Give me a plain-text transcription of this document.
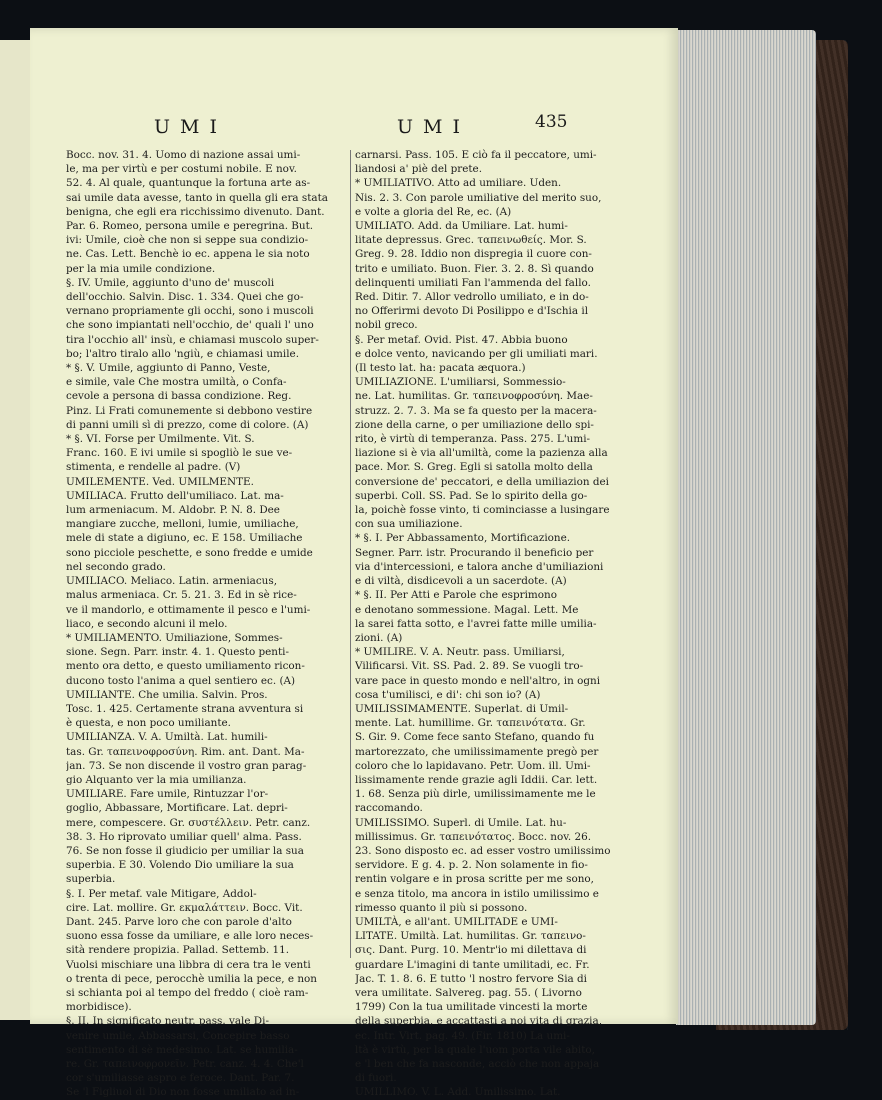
U M I	U M I	435

Bocc. nov. 31. 4. Uomo di nazione assai umi-

le, ma per virtù e per costumi nobile. E nov.

52. 4. Al quale, quantunque la fortuna arte as-

sai umile data avesse, tanto in quella gli era stata

benigna, che egli era ricchissimo divenuto. Dant.

Par. 6. Romeo, persona umile e peregrina. But.

ivi: Umile, cioè che non si seppe sua condizio-

ne. Cas. Lett. Benchè io ec. appena le sia noto

per la mia umile condizione.

§. IV. Umile, aggiunto d'uno de' muscoli

dell'occhio. Salvin. Disc. 1. 334. Quei che go-

vernano propriamente gli occhi, sono i muscoli

che sono impiantati nell'occhio, de' quali l' uno

tira l'occhio all' insù, e chiamasi muscolo super-

bo; l'altro tiralo allo 'ngiù, e chiamasi umile.

* §. V. Umile, aggiunto di Panno, Veste,

e simile, vale Che mostra umiltà, o Confa-

cevole a persona di bassa condizione. Reg.

Pinz. Li Frati comunemente si debbono vestire

di panni umili sì di prezzo, come di colore. (A)

* §. VI. Forse per Umilmente. Vit. S.

Franc. 160. E ivi umile si spogliò le sue ve-

stimenta, e rendelle al padre. (V)

UMILEMENTE. Ved. UMILMENTE.

UMILIACA. Frutto dell'umiliaco. Lat. ma-

lum armeniacum. M. Aldobr. P. N. 8. Dee

mangiare zucche, melloni, lumie, umiliache,

mele di state a digiuno, ec. E 158. Umiliache

sono picciole peschette, e sono fredde e umide

nel secondo grado.

UMILIACO. Meliaco. Latin. armeniacus,

malus armeniaca. Cr. 5. 21. 3. Ed in sè rice-

ve il mandorlo, e ottimamente il pesco e l'umi-

liaco, e secondo alcuni il melo.

* UMILIAMENTO. Umiliazione, Sommes-

sione. Segn. Parr. instr. 4. 1. Questo penti-

mento ora detto, e questo umiliamento ricon-

ducono tosto l'anima a quel sentiero ec. (A)

UMILIANTE. Che umilia. Salvin. Pros.

Tosc. 1. 425. Certamente strana avventura si

è questa, e non poco umiliante.

UMILIANZA. V. A. Umiltà. Lat. humili-

tas. Gr. ταπεινοφροσύνη. Rim. ant. Dant. Ma-

jan. 73. Se non discende il vostro gran parag-

gio Alquanto ver la mia umilianza.

UMILIARE. Fare umile, Rintuzzar l'or-

goglio, Abbassare, Mortificare. Lat. depri-

mere, compescere. Gr. συστέλλειν. Petr. canz.

38. 3. Ho riprovato umiliar quell' alma. Pass.

76. Se non fosse il giudicio per umiliar la sua

superbia. E 30. Volendo Dio umiliare la sua

superbia.

§. I. Per metaf. vale Mitigare, Addol-

cire. Lat. mollire. Gr. εκμαλάττειν. Bocc. Vit.

Dant. 245. Parve loro che con parole d'alto

suono essa fosse da umiliare, e alle loro neces-

sità rendere propizia. Pallad. Settemb. 11.

Vuolsi mischiare una libbra di cera tra le venti

o trenta di pece, perocchè umilia la pece, e non

si schianta poi al tempo del freddo ( cioè ram-

morbidisce).

§. II. In significato neutr. pass. vale Di-

venire umile, Abbassarsi, Concepire basso

sentimento di sè medesimo. Lat. se humilia-

re. Gr. ταπεινοφρονεῖν. Petr. canz. 4. 4. Che'l

cor s'umiliasse aspro e feroce. Dant. Par. 7.

Se 'l Figliuol di Dio non fosse umiliato ad in-

carnarsi. Pass. 105. E ciò fa il peccatore, umi-

liandosi a' piè del prete.

* UMILIATIVO. Atto ad umiliare. Uden.

Nis. 2. 3. Con parole umiliative del merito suo,

e volte a gloria del Re, ec. (A)

UMILIATO. Add. da Umiliare. Lat. humi-

litate depressus. Grec. ταπεινωθείς. Mor. S.

Greg. 9. 28. Iddio non dispregia il cuore con-

trito e umiliato. Buon. Fier. 3. 2. 8. Sì quando

delinquenti umiliati Fan l'ammenda del fallo.

Red. Ditir. 7. Allor vedrollo umiliato, e in do-

no Offerirmi devoto Di Posilippo e d'Ischia il

nobil greco.

§. Per metaf. Ovid. Pist. 47. Abbia buono

e dolce vento, navicando per gli umiliati mari.

(Il testo lat. ha: pacata æquora.)

UMILIAZIONE. L'umiliarsi, Sommessio-

ne. Lat. humilitas. Gr. ταπεινοφροσύνη. Mae-

struzz. 2. 7. 3. Ma se fa questo per la macera-

zione della carne, o per umiliazione dello spi-

rito, è virtù di temperanza. Pass. 275. L'umi-

liazione si è via all'umiltà, come la pazienza alla

pace. Mor. S. Greg. Egli si satolla molto della

conversione de' peccatori, e della umiliazion dei

superbi. Coll. SS. Pad. Se lo spirito della go-

la, poichè fosse vinto, ti cominciasse a lusingare

con sua umiliazione.

* §. I. Per Abbassamento, Mortificazione.

Segner. Parr. istr. Procurando il beneficio per

via d'intercessioni, e talora anche d'umiliazioni

e di viltà, disdicevoli a un sacerdote. (A)

* §. II. Per Atti e Parole che esprimono

e denotano sommessione. Magal. Lett. Me

la sarei fatta sotto, e l'avrei fatte mille umilia-

zioni. (A)

* UMILIRE. V. A. Neutr. pass. Umiliarsi,

Vilificarsi. Vit. SS. Pad. 2. 89. Se vuogli tro-

vare pace in questo mondo e nell'altro, in ogni

cosa t'umilisci, e di': chi son io? (A)

UMILISSIMAMENTE. Superlat. di Umil-

mente. Lat. humillime. Gr. ταπεινότατα. Gr.

S. Gir. 9. Come fece santo Stefano, quando fu

martorezzato, che umilissimamente pregò per

coloro che lo lapidavano. Petr. Uom. ill. Umi-

lissimamente rende grazie agli Iddii. Car. lett.

1. 68. Senza più dirle, umilissimamente me le

raccomando.

UMILISSIMO. Superl. di Umile. Lat. hu-

millissimus. Gr. ταπεινότατος. Bocc. nov. 26.

23. Sono disposto ec. ad esser vostro umilissimo

servidore. E g. 4. p. 2. Non solamente in fio-

rentin volgare e in prosa scritte per me sono,

e senza titolo, ma ancora in istilo umilissimo e

rimesso quanto il più si possono.

UMILTÀ, e all'ant. UMILITADE e UMI-

LITATE. Umiltà. Lat. humilitas. Gr. ταπεινο-

σις. Dant. Purg. 10. Mentr'io mi dilettava di

guardare L'imagini di tante umilitadi, ec. Fr.

Jac. T. 1. 8. 6. E tutto 'l nostro fervore Sia di

vera umilitate. Salvereg. pag. 55. ( Livorno

1799) Con la tua umilitade vincesti la morte

della superbia, e accattasti a noi vita di grazia,

ec. Intr. Virt. pag. 49. (Fir. 1810) La umi-

ltà è virtù, per la quale l'uom porta vile abito,

e 'l ben che fa nasconde, acciò che non appaja

di fuori.

UMILLIMO. V. L. Add. Umilissimo. Lat.
